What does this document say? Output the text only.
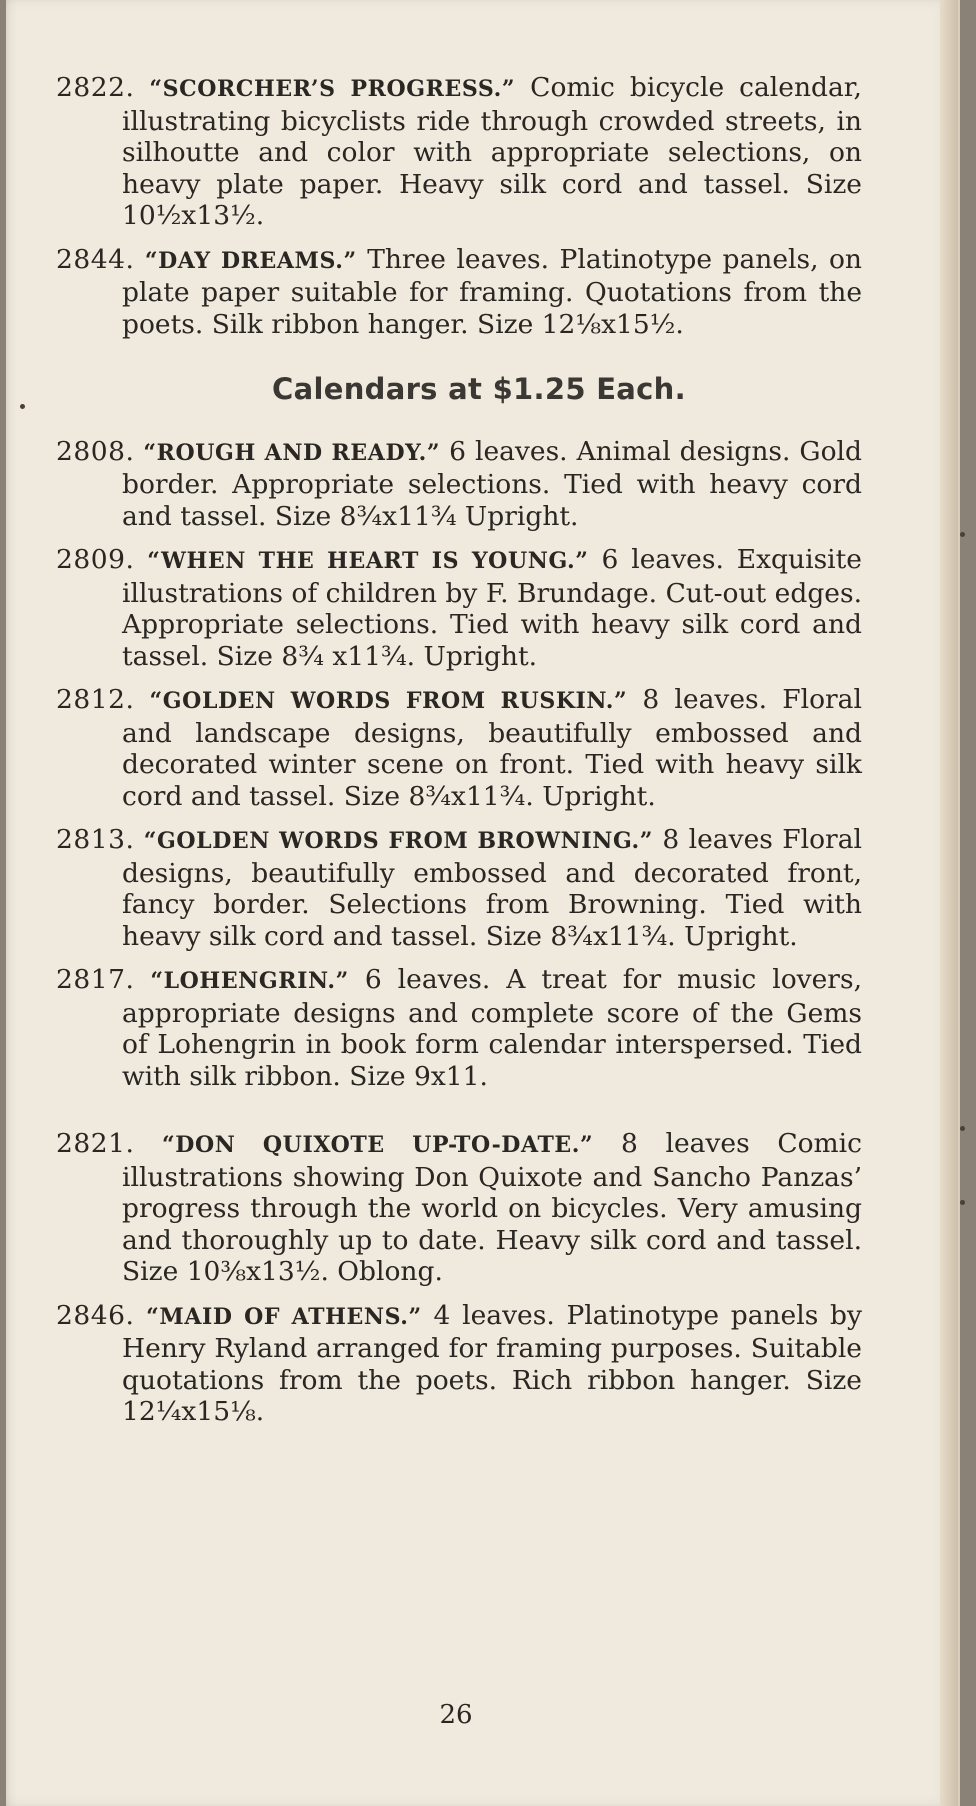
2822. “SCORCHER’S PROGRESS.” Comic bicycle calendar, illustrating bicyclists ride through crowded streets, in silhoutte and color with appropriate selections, on heavy plate paper. Heavy silk cord and tassel. Size 10½x13½.
2844. “DAY DREAMS.” Three leaves. Platinotype panels, on plate paper suitable for framing. Quotations from the poets. Silk ribbon hanger. Size 12⅛x15½.
Calendars at $1.25 Each.
2808. “ROUGH AND READY.” 6 leaves. Animal designs. Gold border. Appropriate selections. Tied with heavy cord and tassel. Size 8¾x11¾ Upright.
2809. “WHEN THE HEART IS YOUNG.” 6 leaves. Exquisite illustrations of children by F. Brundage. Cut-out edges. Appropriate selections. Tied with heavy silk cord and tassel. Size 8¾ x11¾. Upright.
2812. “GOLDEN WORDS FROM RUSKIN.” 8 leaves. Floral and landscape designs, beautifully embossed and decorated winter scene on front. Tied with heavy silk cord and tassel. Size 8¾x11¾. Upright.
2813. “GOLDEN WORDS FROM BROWNING.” 8 leaves Floral designs, beautifully embossed and decorated front, fancy border. Selections from Browning. Tied with heavy silk cord and tassel. Size 8¾x11¾. Upright.
2817. “LOHENGRIN.” 6 leaves. A treat for music lovers, appropriate designs and complete score of the Gems of Lohengrin in book form calendar interspersed. Tied with silk ribbon. Size 9x11.
2821. “DON QUIXOTE UP-TO-DATE.” 8 leaves Comic illustrations showing Don Quixote and Sancho Panzas’ progress through the world on bicycles. Very amusing and thoroughly up to date. Heavy silk cord and tassel. Size 10⅜x13½. Oblong.
2846. “MAID OF ATHENS.” 4 leaves. Platinotype panels by Henry Ryland arranged for framing purposes. Suitable quotations from the poets. Rich ribbon hanger. Size 12¼x15⅛.
26
